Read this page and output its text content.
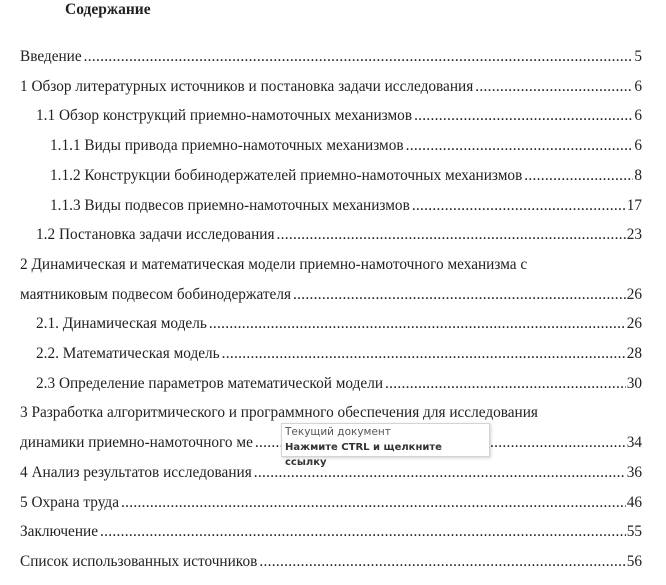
Содержание
Введение .....	5
1 Обзор литературных источников и постановка задачи исследования .....	6
1.1 Обзор конструкций приемно-намоточных механизмов .....	6
1.1.1 Виды привода приемно-намоточных механизмов .....	6
1.1.2 Конструкции бобинодержателей приемно-намоточных механизмов .....	8
1.1.3 Виды подвесов приемно-намоточных механизмов .....	17
1.2 Постановка задачи исследования .....	23
2 Динамическая и математическая модели приемно-намоточного механизма с
маятниковым подвесом бобинодержателя .....	26
2.1. Динамическая модель .....	26
2.2. Математическая модель .....	28
2.3 Определение параметров математической модели .....	30
3 Разработка алгоритмического и программного обеспечения для исследования
динамики приемно-намоточного ме .....	34
4 Анализ результатов исследования .....	36
5 Охрана труда .....	46
Заключение .....	55
Список использованных источников .....	56
Текущий документ
Нажмите CTRL и щелкните ссылку
